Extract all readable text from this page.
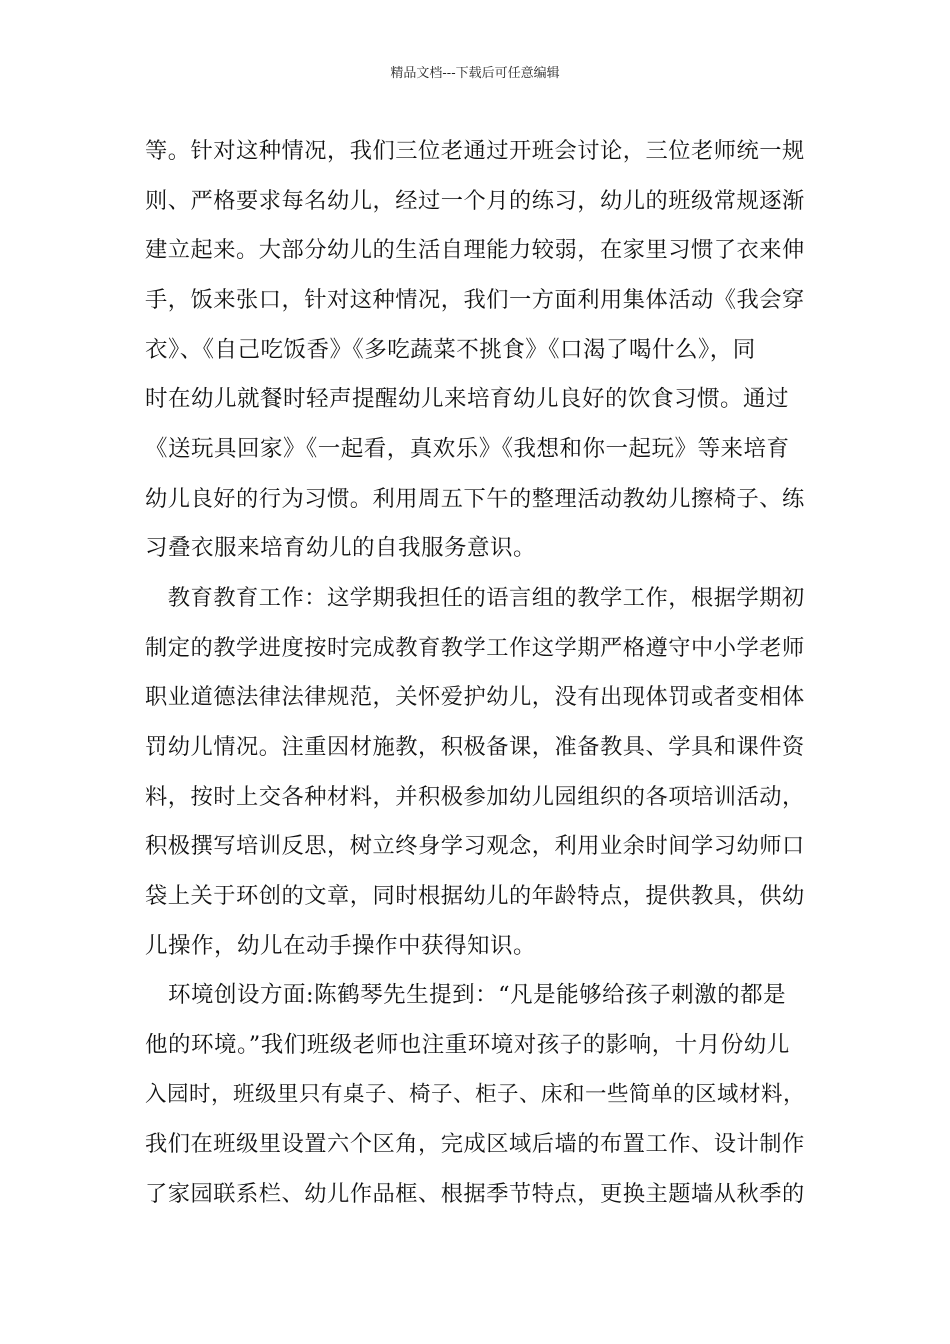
精品文档---下载后可任意编辑
等。针对这种情况，我们三位老通过开班会讨论，三位老师统一规
则、严格要求每名幼儿，经过一个月的练习，幼儿的班级常规逐渐
建立起来。大部分幼儿的生活自理能力较弱，在家里习惯了衣来伸
手，饭来张口，针对这种情况，我们一方面利用集体活动《我会穿
衣》、《自己吃饭香》《多吃蔬菜不挑食》《口渴了喝什么》，同
时在幼儿就餐时轻声提醒幼儿来培育幼儿良好的饮食习惯。通过
《送玩具回家》《一起看，真欢乐》《我想和你一起玩》等来培育
幼儿良好的行为习惯。利用周五下午的整理活动教幼儿擦椅子、练
习叠衣服来培育幼儿的自我服务意识。
　教育教育工作：这学期我担任的语言组的教学工作，根据学期初
制定的教学进度按时完成教育教学工作这学期严格遵守中小学老师
职业道德法律法律规范，关怀爱护幼儿，没有出现体罚或者变相体
罚幼儿情况。注重因材施教，积极备课，准备教具、学具和课件资
料，按时上交各种材料，并积极参加幼儿园组织的各项培训活动，
积极撰写培训反思，树立终身学习观念，利用业余时间学习幼师口
袋上关于环创的文章，同时根据幼儿的年龄特点，提供教具，供幼
儿操作，幼儿在动手操作中获得知识。
　环境创设方面:陈鹤琴先生提到：“凡是能够给孩子刺激的都是
他的环境。”我们班级老师也注重环境对孩子的影响，十月份幼儿
入园时，班级里只有桌子、椅子、柜子、床和一些简单的区域材料，
我们在班级里设置六个区角，完成区域后墙的布置工作、设计制作
了家园联系栏、幼儿作品框、根据季节特点，更换主题墙从秋季的
